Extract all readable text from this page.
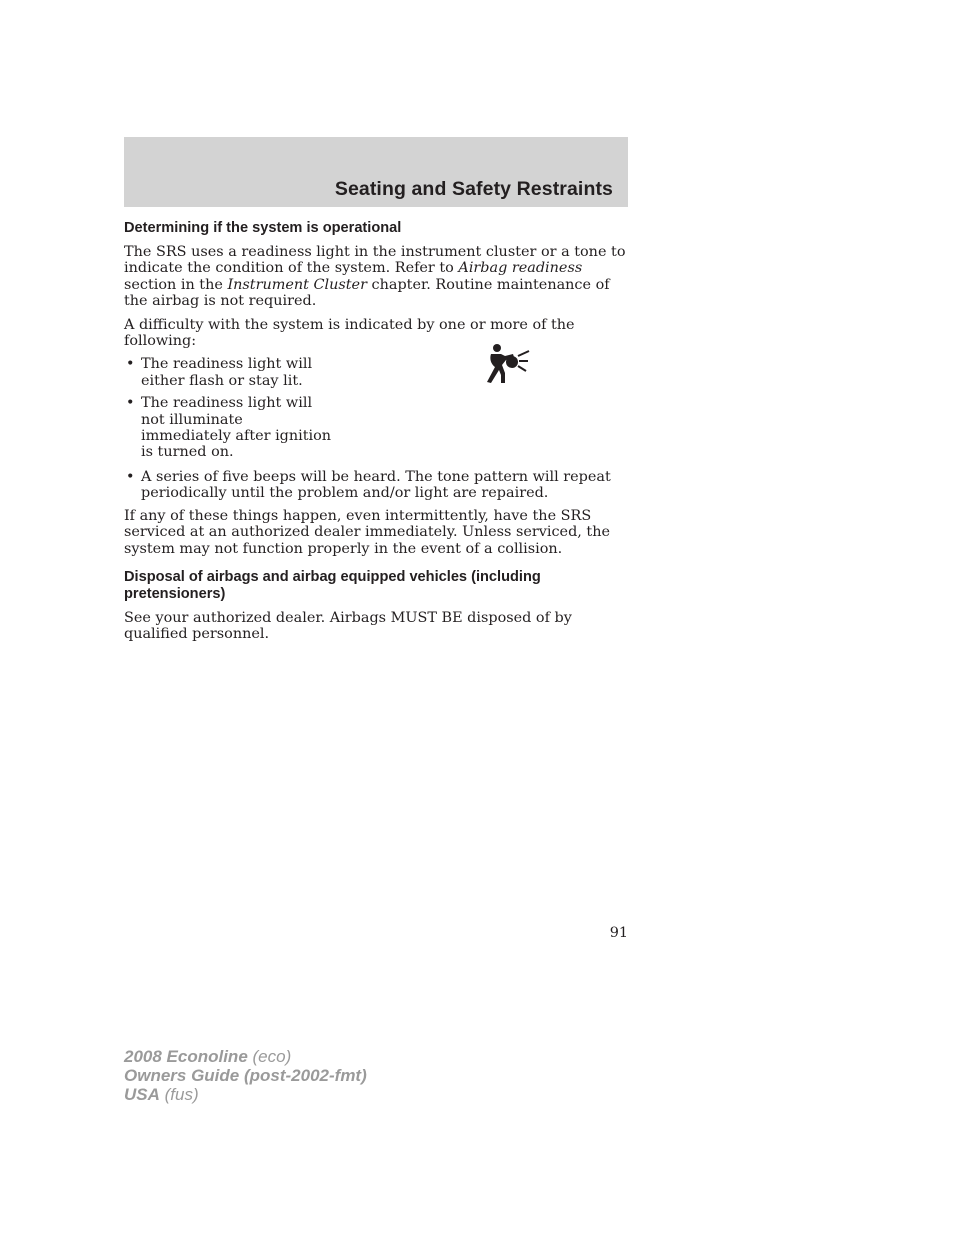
Seating and Safety Restraints
Determining if the system is operational

The SRS uses a readiness light in the instrument cluster or a tone to indicate the condition of the system. Refer to Airbag readiness section in the Instrument Cluster chapter. Routine maintenance of the airbag is not required.

A difficulty with the system is indicated by one or more of the following:

• The readiness light will either flash or stay lit.
• The readiness light will not illuminate immediately after ignition is turned on.
• A series of five beeps will be heard. The tone pattern will repeat periodically until the problem and/or light are repaired.

If any of these things happen, even intermittently, have the SRS serviced at an authorized dealer immediately. Unless serviced, the system may not function properly in the event of a collision.

Disposal of airbags and airbag equipped vehicles (including pretensioners)

See your authorized dealer. Airbags MUST BE disposed of by qualified personnel.

91
2008 Econoline (eco)
Owners Guide (post-2002-fmt)
USA (fus)
